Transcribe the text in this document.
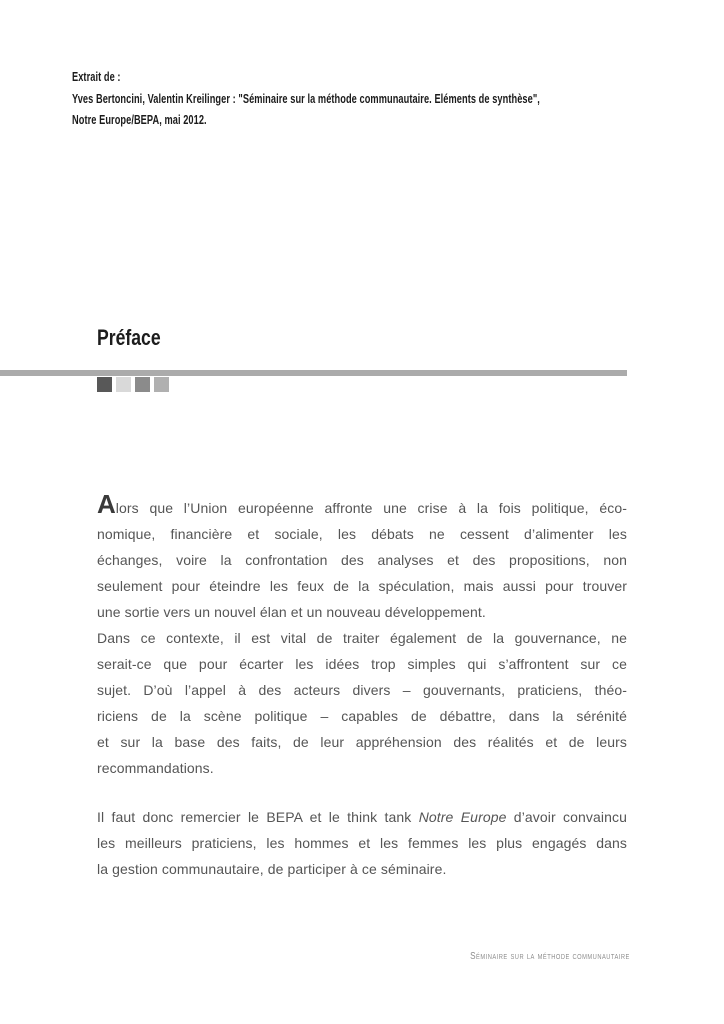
Extrait de :
Yves Bertoncini, Valentin Kreilinger : "Séminaire sur la méthode communautaire. Eléments de synthèse",
Notre Europe/BEPA, mai 2012.
Préface
Alors que l’Union européenne affronte une crise à la fois politique, éco-
nomique, financière et sociale, les débats ne cessent d’alimenter les
échanges, voire la confrontation des analyses et des propositions, non
seulement pour éteindre les feux de la spéculation, mais aussi pour trouver
une sortie vers un nouvel élan et un nouveau développement.
Dans ce contexte, il est vital de traiter également de la gouvernance, ne
serait-ce que pour écarter les idées trop simples qui s’affrontent sur ce
sujet. D’où l’appel à des acteurs divers – gouvernants, praticiens, théo-
riciens de la scène politique – capables de débattre, dans la sérénité
et sur la base des faits, de leur appréhension des réalités et de leurs
recommandations.
Il faut donc remercier le BEPA et le think tank Notre Europe d’avoir convaincu
les meilleurs praticiens, les hommes et les femmes les plus engagés dans
la gestion communautaire, de participer à ce séminaire.
Séminaire sur la méthode communautaire
